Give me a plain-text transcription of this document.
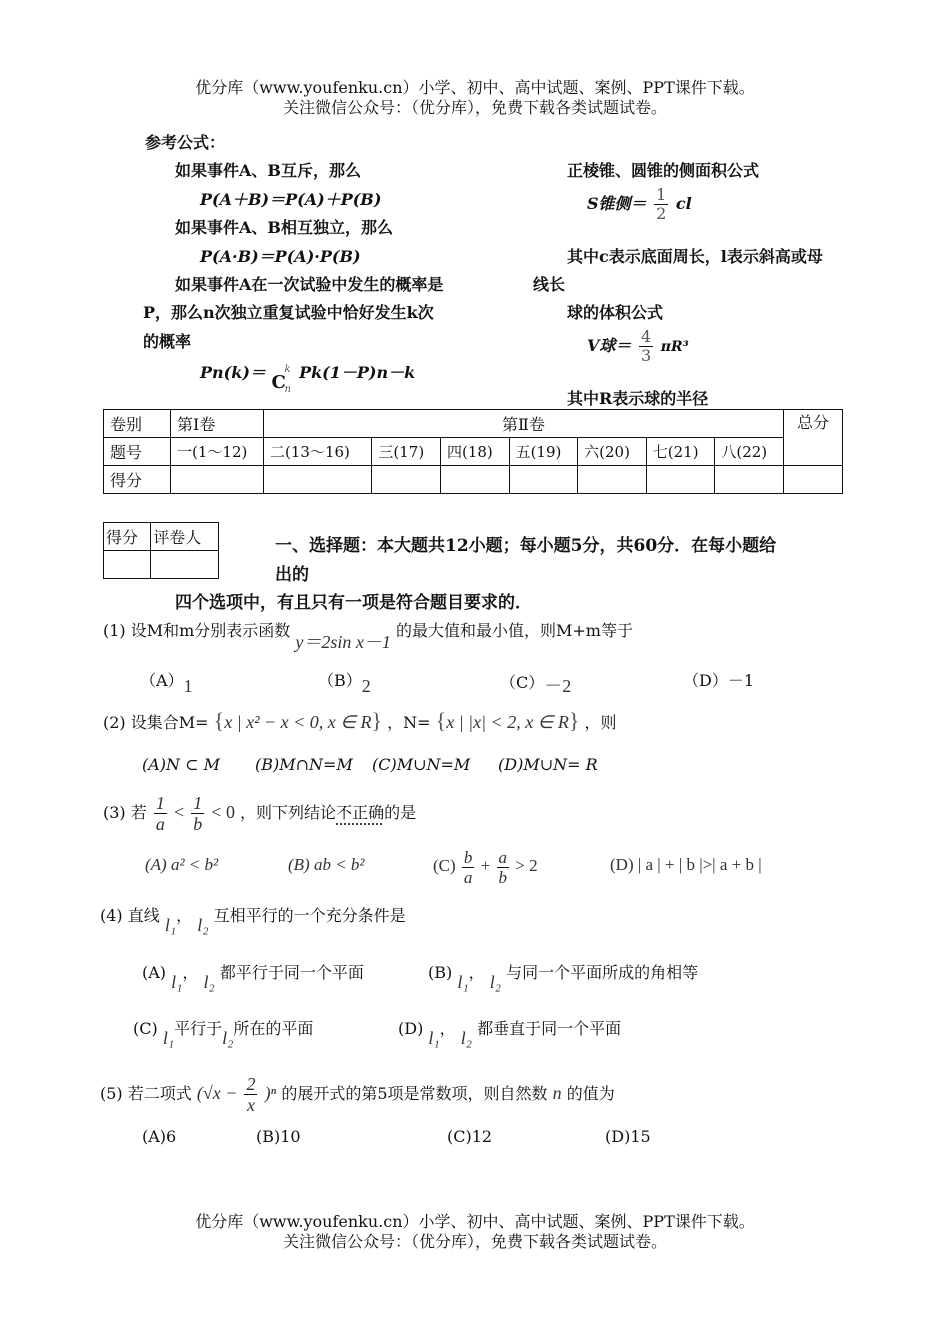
优分库（www.youfenku.cn）小学、初中、高中试题、案例、PPT课件下载。
关注微信公众号：（优分库），免费下载各类试题试卷。
参考公式：
如果事件A、B互斥，那么
P(A＋B)＝P(A)＋P(B)
如果事件A、B相互独立，那么
P(A·B)＝P(A)·P(B)
如果事件A在一次试验中发生的概率是
P，那么n次独立重复试验中恰好发生k次
的概率
Pn(k)＝ C
k
n
Pk(1－P)n－k
正棱锥、圆锥的侧面积公式
S锥侧＝ $\frac{1}{2}$ cl
其中c表示底面周长，l表示斜高或母
线长
球的体积公式
V球＝ $\frac{4}{3} \pi R^3$
其中R表示球的半径
卷别	第Ⅰ卷	第Ⅱ卷							总分
题号	一(1～12)	二(13～16)	三(17)	四(18)	五(19)	六(20)	七(21)	八(22)	
得分									
得分	评卷人
		一、选择题：本大题共12小题；每小题5分，共60分．在每小题给
出的
四个选项中，有且只有一项是符合题目要求的．
(1) 设M和m分别表示函数 y＝2sin x－1 的最大值和最小值，则M+m等于
（A）1	（B）2	（C）－2	（D）－1
(2) 设集合M= {x | x² − x < 0, x ∈ R} ，N= {x | |x| < 2, x ∈ R} ，则
(A)N ⊂ M (B)M∩N=M (C)M∪N=M (D)M∪N= R
(3) 若 $\frac{1}{a} < \frac{1}{b} < 0$ ，则下列结论不正确的是
(A) a² < b²	(B) ab < b²	$(C) \frac{b}{a} + \frac{a}{b} > 2$	(D) | a | + | b |>| a + b |
(4) 直线 l₁， l₂ 互相平行的一个充分条件是
(A) l₁， l₂ 都平行于同一个平面	(B) l₁， l₂ 与同一个平面所成的角相等
(C) l₁平行于l₂所在的平面	(D) l₁， l₂ 都垂直于同一个平面
(5) 若二项式 $(√x - \frac{2}{x} )^n$ 的展开式的第5项是常数项，则自然数 n 的值为
(A)6	(B)10	(C)12	(D)15
优分库（www.youfenku.cn）小学、初中、高中试题、案例、PPT课件下载。
关注微信公众号：（优分库），免费下载各类试题试卷。
